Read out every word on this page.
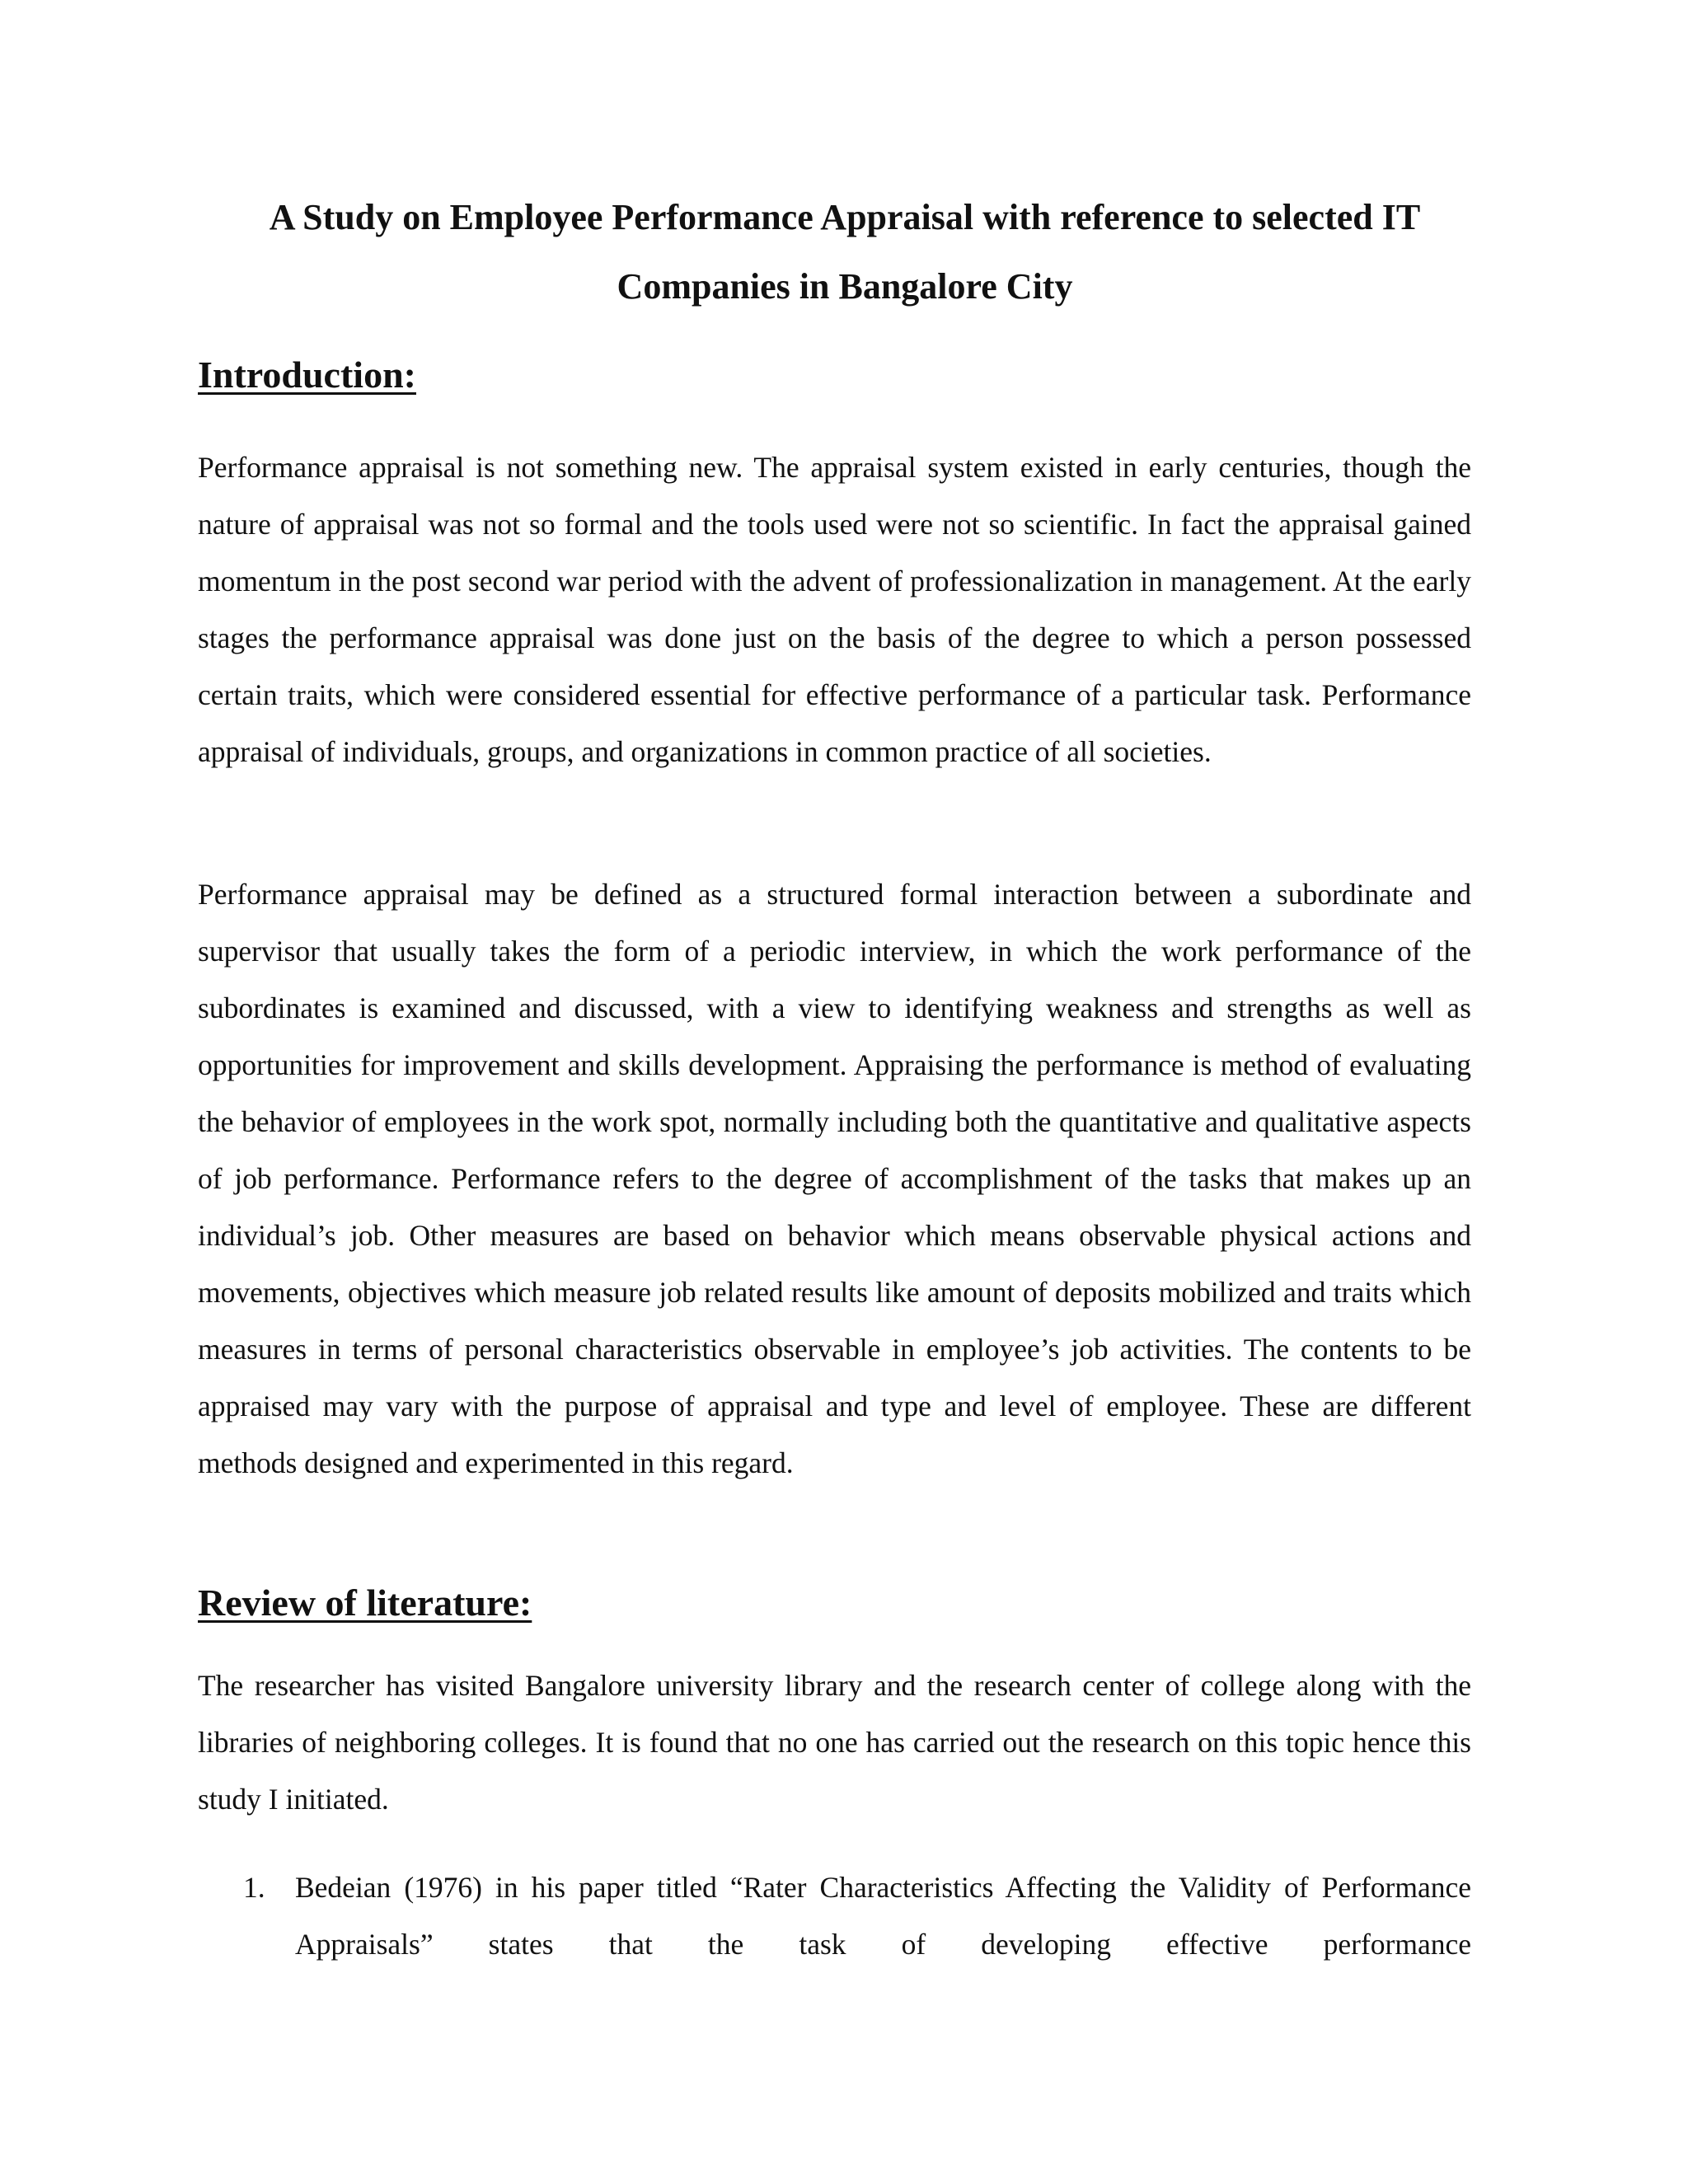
A Study on Employee Performance Appraisal with reference to selected IT
Companies in Bangalore City
Introduction:

Performance appraisal is not something new. The appraisal system existed in early centuries, though the nature of appraisal was not so formal and the tools used were not so scientific. In fact the appraisal gained momentum in the post second war period with the advent of professionalization in management. At the early stages the performance appraisal was done just on the basis of the degree to which a person possessed certain traits, which were considered essential for effective performance of a particular task. Performance appraisal of individuals, groups, and organizations in common practice of all societies.

Performance appraisal may be defined as a structured formal interaction between a subordinate and supervisor that usually takes the form of a periodic interview, in which the work performance of the subordinates is examined and discussed, with a view to identifying weakness and strengths as well as opportunities for improvement and skills development. Appraising the performance is method of evaluating the behavior of employees in the work spot, normally including both the quantitative and qualitative aspects of job performance. Performance refers to the degree of accomplishment of the tasks that makes up an individual’s job. Other measures are based on behavior which means observable physical actions and movements, objectives which measure job related results like amount of deposits mobilized and traits which measures in terms of personal characteristics observable in employee’s job activities. The contents to be appraised may vary with the purpose of appraisal and type and level of employee. These are different methods designed and experimented in this regard.

Review of literature:

The researcher has visited Bangalore university library and the research center of college along with the libraries of neighboring colleges. It is found that no one has carried out the research on this topic hence this study I initiated.

1. Bedeian (1976) in his paper titled “Rater Characteristics Affecting the Validity of Performance Appraisals” states that the task of developing effective performance
